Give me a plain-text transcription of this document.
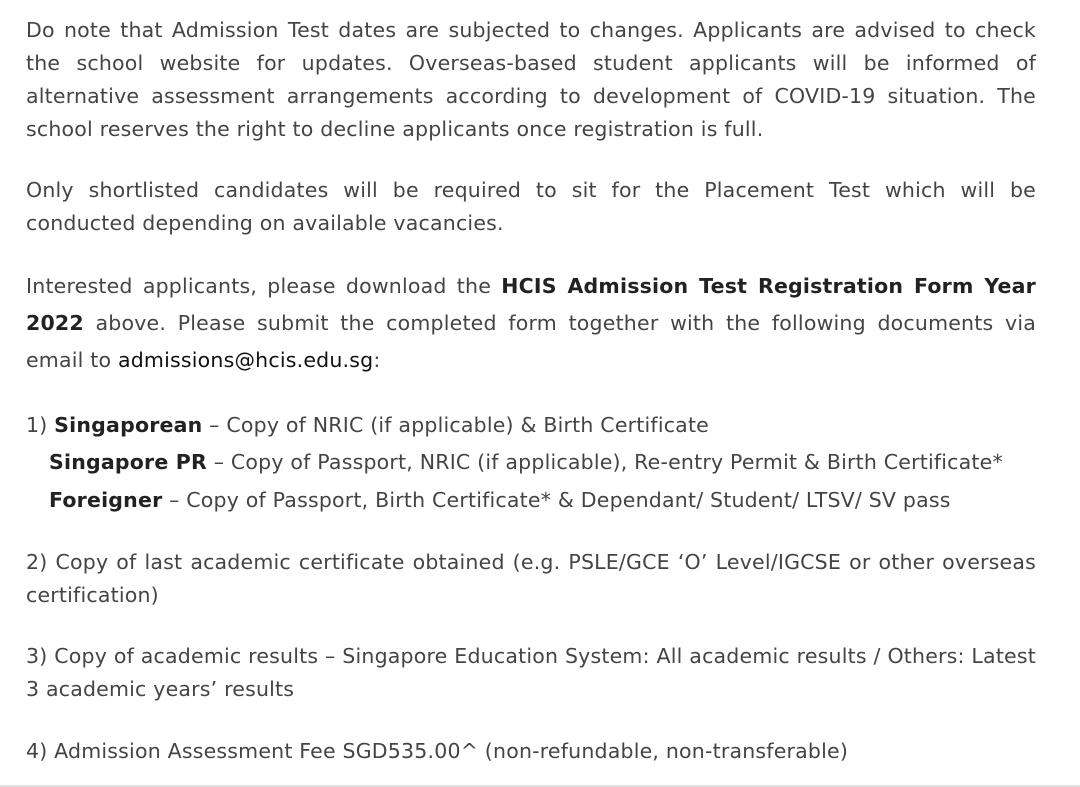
Do note that Admission Test dates are subjected to changes. Applicants are advised to check the school website for updates. Overseas-based student applicants will be informed of alternative assessment arrangements according to development of COVID-19 situation. The school reserves the right to decline applicants once registration is full.
Only shortlisted candidates will be required to sit for the Placement Test which will be conducted depending on available vacancies.
Interested applicants, please download the HCIS Admission Test Registration Form Year 2022 above. Please submit the completed form together with the following documents via email to admissions@hcis.edu.sg:
1) Singaporean – Copy of NRIC (if applicable) & Birth Certificate
Singapore PR – Copy of Passport, NRIC (if applicable), Re-entry Permit & Birth Certificate*
Foreigner – Copy of Passport, Birth Certificate* & Dependant/ Student/ LTSV/ SV pass
2) Copy of last academic certificate obtained (e.g. PSLE/GCE ‘O’ Level/IGCSE or other overseas certification)
3) Copy of academic results – Singapore Education System: All academic results / Others: Latest 3 academic years’ results
4) Admission Assessment Fee SGD535.00^ (non-refundable, non-transferable)
